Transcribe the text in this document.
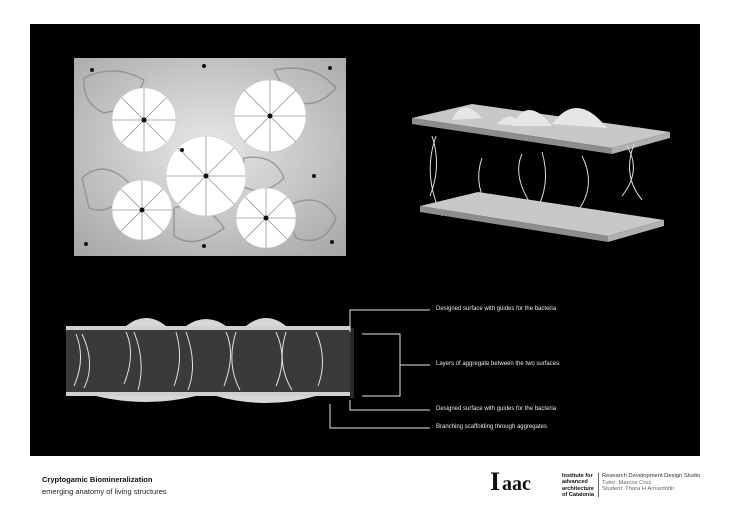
Designed surface with guides for the bacteria
Layers of aggregate between the two surfaces
Designed surface with guides for the bacteria
Branching scaffolding through aggregates
Cryptogamic Biomineralization
emerging anatomy of living structures	I aac	Institute for
advanced
architecture
of Catalonia
Research Development Design Studio
Tutor: Marcos Cruz
Student: Thora H Arnardottir
